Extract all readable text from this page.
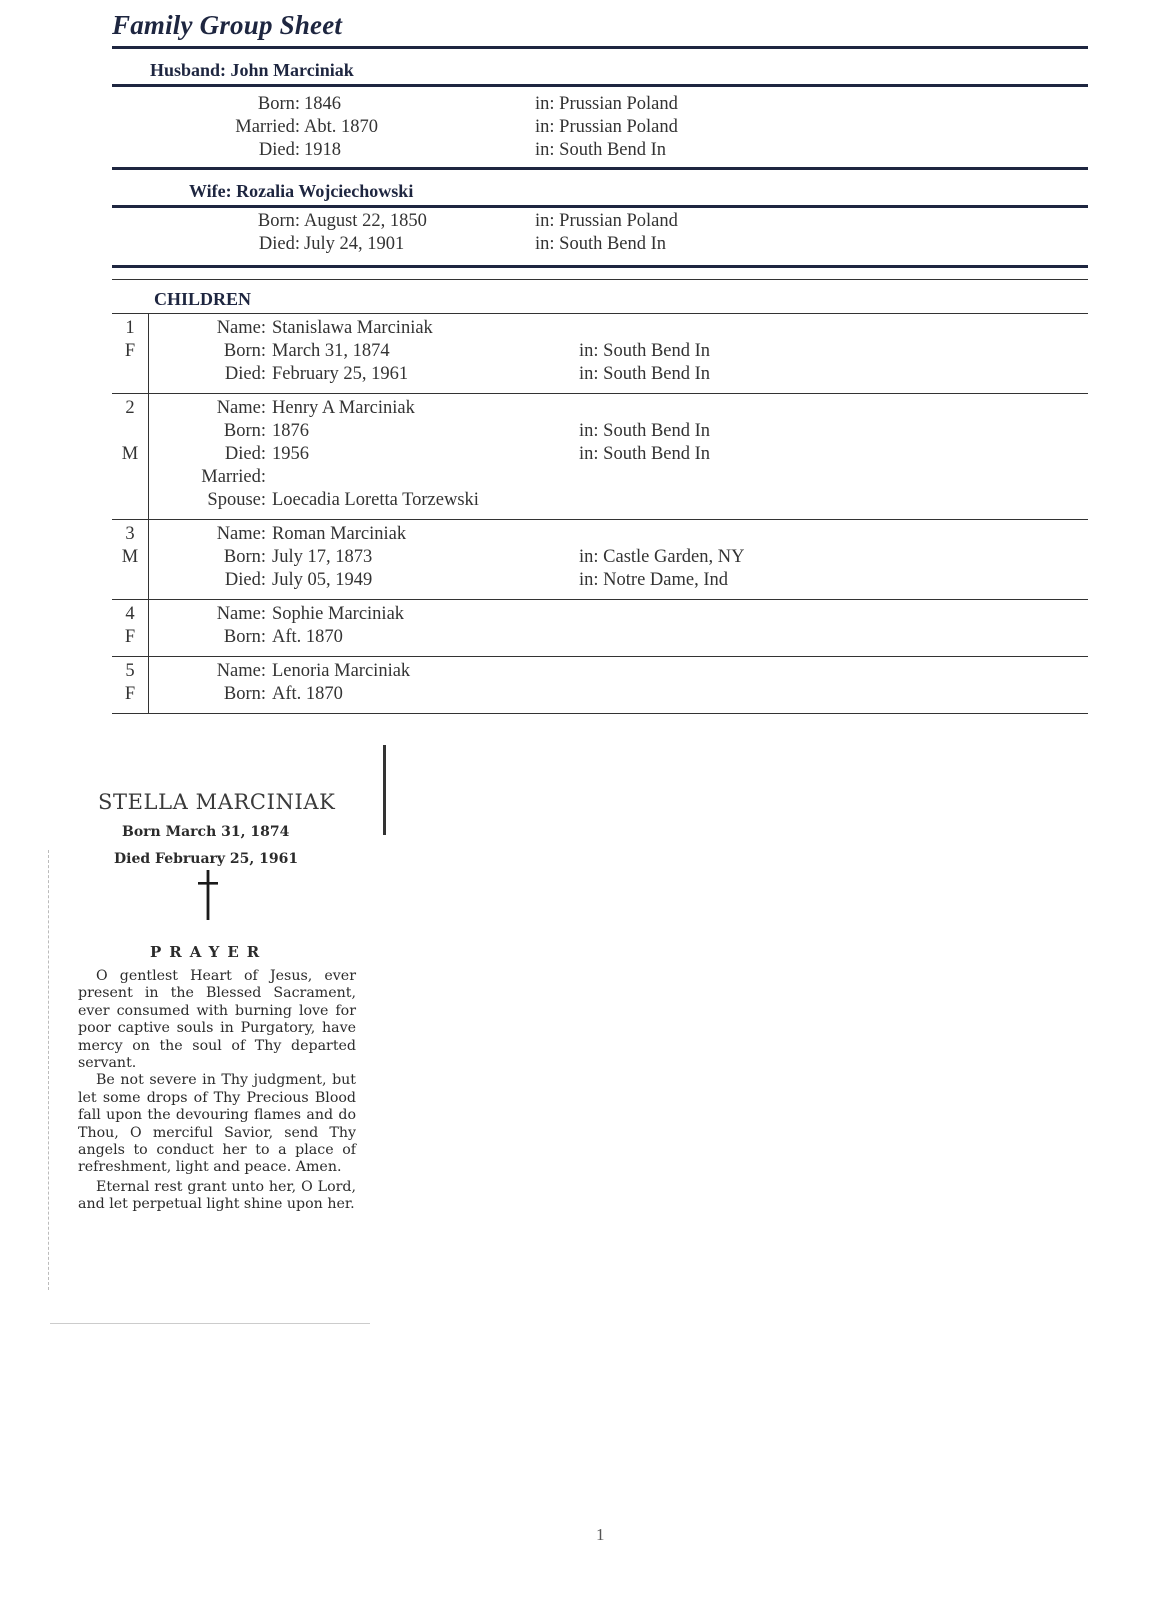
Family Group Sheet
Husband: John Marciniak
Born: 1846	in: Prussian Poland
Married: Abt. 1870	in: Prussian Poland
Died: 1918	in: South Bend In
Wife: Rozalia Wojciechowski
Born: August 22, 1850	in: Prussian Poland
Died: July 24, 1901	in: South Bend In
CHILDREN
1
F
Name: Stanislawa Marciniak
Born: March 31, 1874	in: South Bend In
Died: February 25, 1961	in: South Bend In
2
M
Name: Henry A Marciniak
Born: 1876	in: South Bend In
Died: 1956	in: South Bend In
Married:
Spouse: Loecadia Loretta Torzewski
3
M
Name: Roman Marciniak
Born: July 17, 1873	in: Castle Garden, NY
Died: July 05, 1949	in: Notre Dame, Ind
4
F
Name: Sophie Marciniak
Born: Aft. 1870
5
F
Name: Lenoria Marciniak
Born: Aft. 1870
STELLA MARCINIAK
Born March 31, 1874
Died February 25, 1961
PRAYER

O gentlest Heart of Jesus, ever present in the Blessed Sacrament, ever consumed with burning love for poor captive souls in Purgatory, have mercy on the soul of Thy departed servant.

Be not severe in Thy judgment, but let some drops of Thy Precious Blood fall upon the devouring flames and do Thou, O merciful Savior, send Thy angels to conduct her to a place of refreshment, light and peace. Amen.

Eternal rest grant unto her, O Lord, and let perpetual light shine upon her.

1
